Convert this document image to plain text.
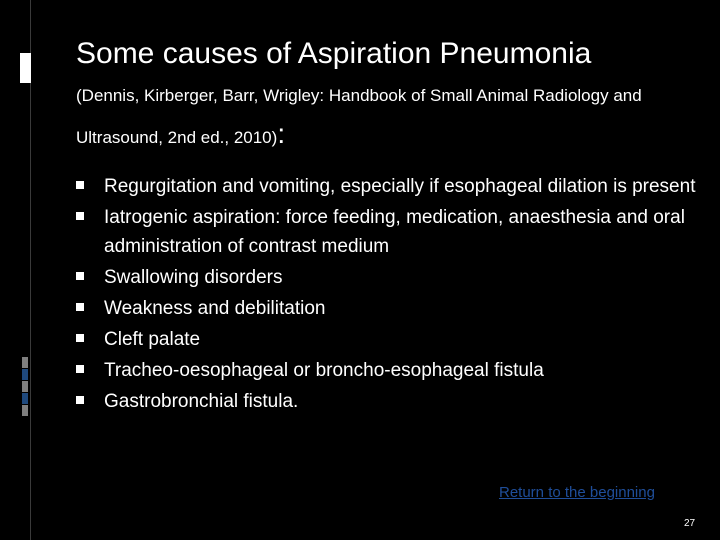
Some causes of Aspiration Pneumonia
(Dennis, Kirberger, Barr, Wrigley: Handbook of Small Animal Radiology and Ultrasound, 2nd ed., 2010):
Regurgitation and vomiting, especially if esophageal dilation is present
Iatrogenic aspiration: force feeding, medication, anaesthesia and oral administration of contrast medium
Swallowing disorders
Weakness and debilitation
Cleft palate
Tracheo-oesophageal or broncho-esophageal fistula
Gastrobronchial fistula.
Return to the beginning
27
